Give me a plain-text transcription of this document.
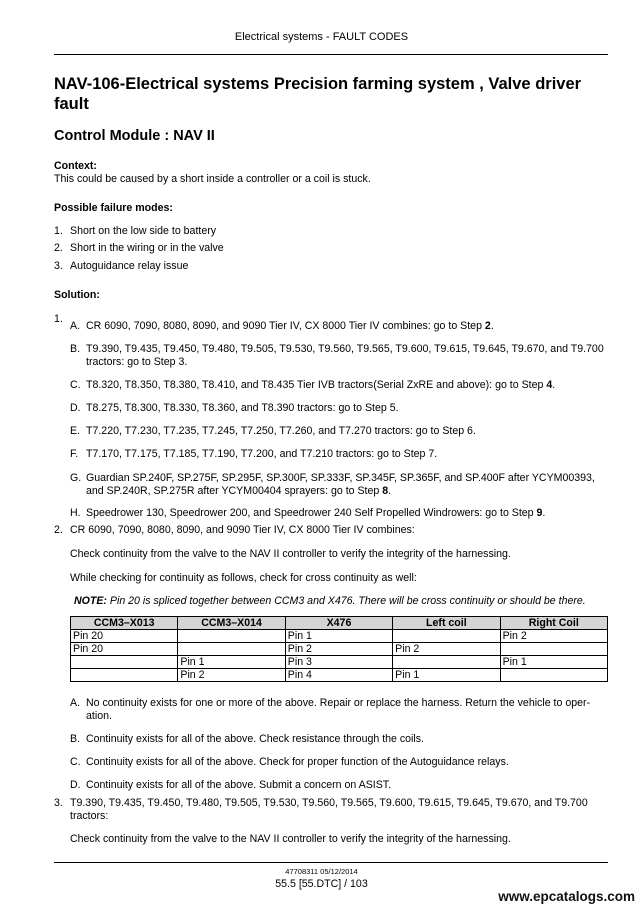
Electrical systems - FAULT CODES
NAV-106-Electrical systems Precision farming system , Valve driver fault
Control Module : NAV II
Context:
This could be caused by a short inside a controller or a coil is stuck.
Possible failure modes:
1. Short on the low side to battery
2. Short in the wiring or in the valve
3. Autoguidance relay issue
Solution:
1.
A. CR 6090, 7090, 8080, 8090, and 9090 Tier IV, CX 8000 Tier IV combines: go to Step 2.
B. T9.390, T9.435, T9.450, T9.480, T9.505, T9.530, T9.560, T9.565, T9.600, T9.615, T9.645, T9.670, and T9.700
tractors: go to Step 3.
C. T8.320, T8.350, T8.380, T8.410, and T8.435 Tier IVB tractors(Serial ZxRE and above): go to Step 4.
D. T8.275, T8.300, T8.330, T8.360, and T8.390 tractors: go to Step 5.
E. T7.220, T7.230, T7.235, T7.245, T7.250, T7.260, and T7.270 tractors: go to Step 6.
F. T7.170, T7.175, T7.185, T7.190, T7.200, and T7.210 tractors: go to Step 7.
G. Guardian SP.240F, SP.275F, SP.295F, SP.300F, SP.333F, SP.345F, SP.365F, and SP.400F after YCYM00393,
and SP.240R, SP.275R after YCYM00404 sprayers: go to Step 8.
H. Speedrower 130, Speedrower 200, and Speedrower 240 Self Propelled Windrowers: go to Step 9.
2. CR 6090, 7090, 8080, 8090, and 9090 Tier IV, CX 8000 Tier IV combines:
Check continuity from the valve to the NAV II controller to verify the integrity of the harnessing.
While checking for continuity as follows, check for cross continuity as well:
NOTE: Pin 20 is spliced together between CCM3 and X476. There will be cross continuity or should be there.
CCM3–X013	CCM3–X014	X476	Left coil	Right Coil
Pin 20		Pin 1		Pin 2
Pin 20		Pin 2	Pin 2	
	Pin 1	Pin 3		Pin 1
	Pin 2	Pin 4	Pin 1	
A. No continuity exists for one or more of the above. Repair or replace the harness. Return the vehicle to oper-
ation.
B. Continuity exists for all of the above. Check resistance through the coils.
C. Continuity exists for all of the above. Check for proper function of the Autoguidance relays.
D. Continuity exists for all of the above. Submit a concern on ASIST.
3. T9.390, T9.435, T9.450, T9.480, T9.505, T9.530, T9.560, T9.565, T9.600, T9.615, T9.645, T9.670, and T9.700
tractors:
Check continuity from the valve to the NAV II controller to verify the integrity of the harnessing.
47708311 05/12/2014
55.5 [55.DTC] / 103
www.epcatalogs.com
